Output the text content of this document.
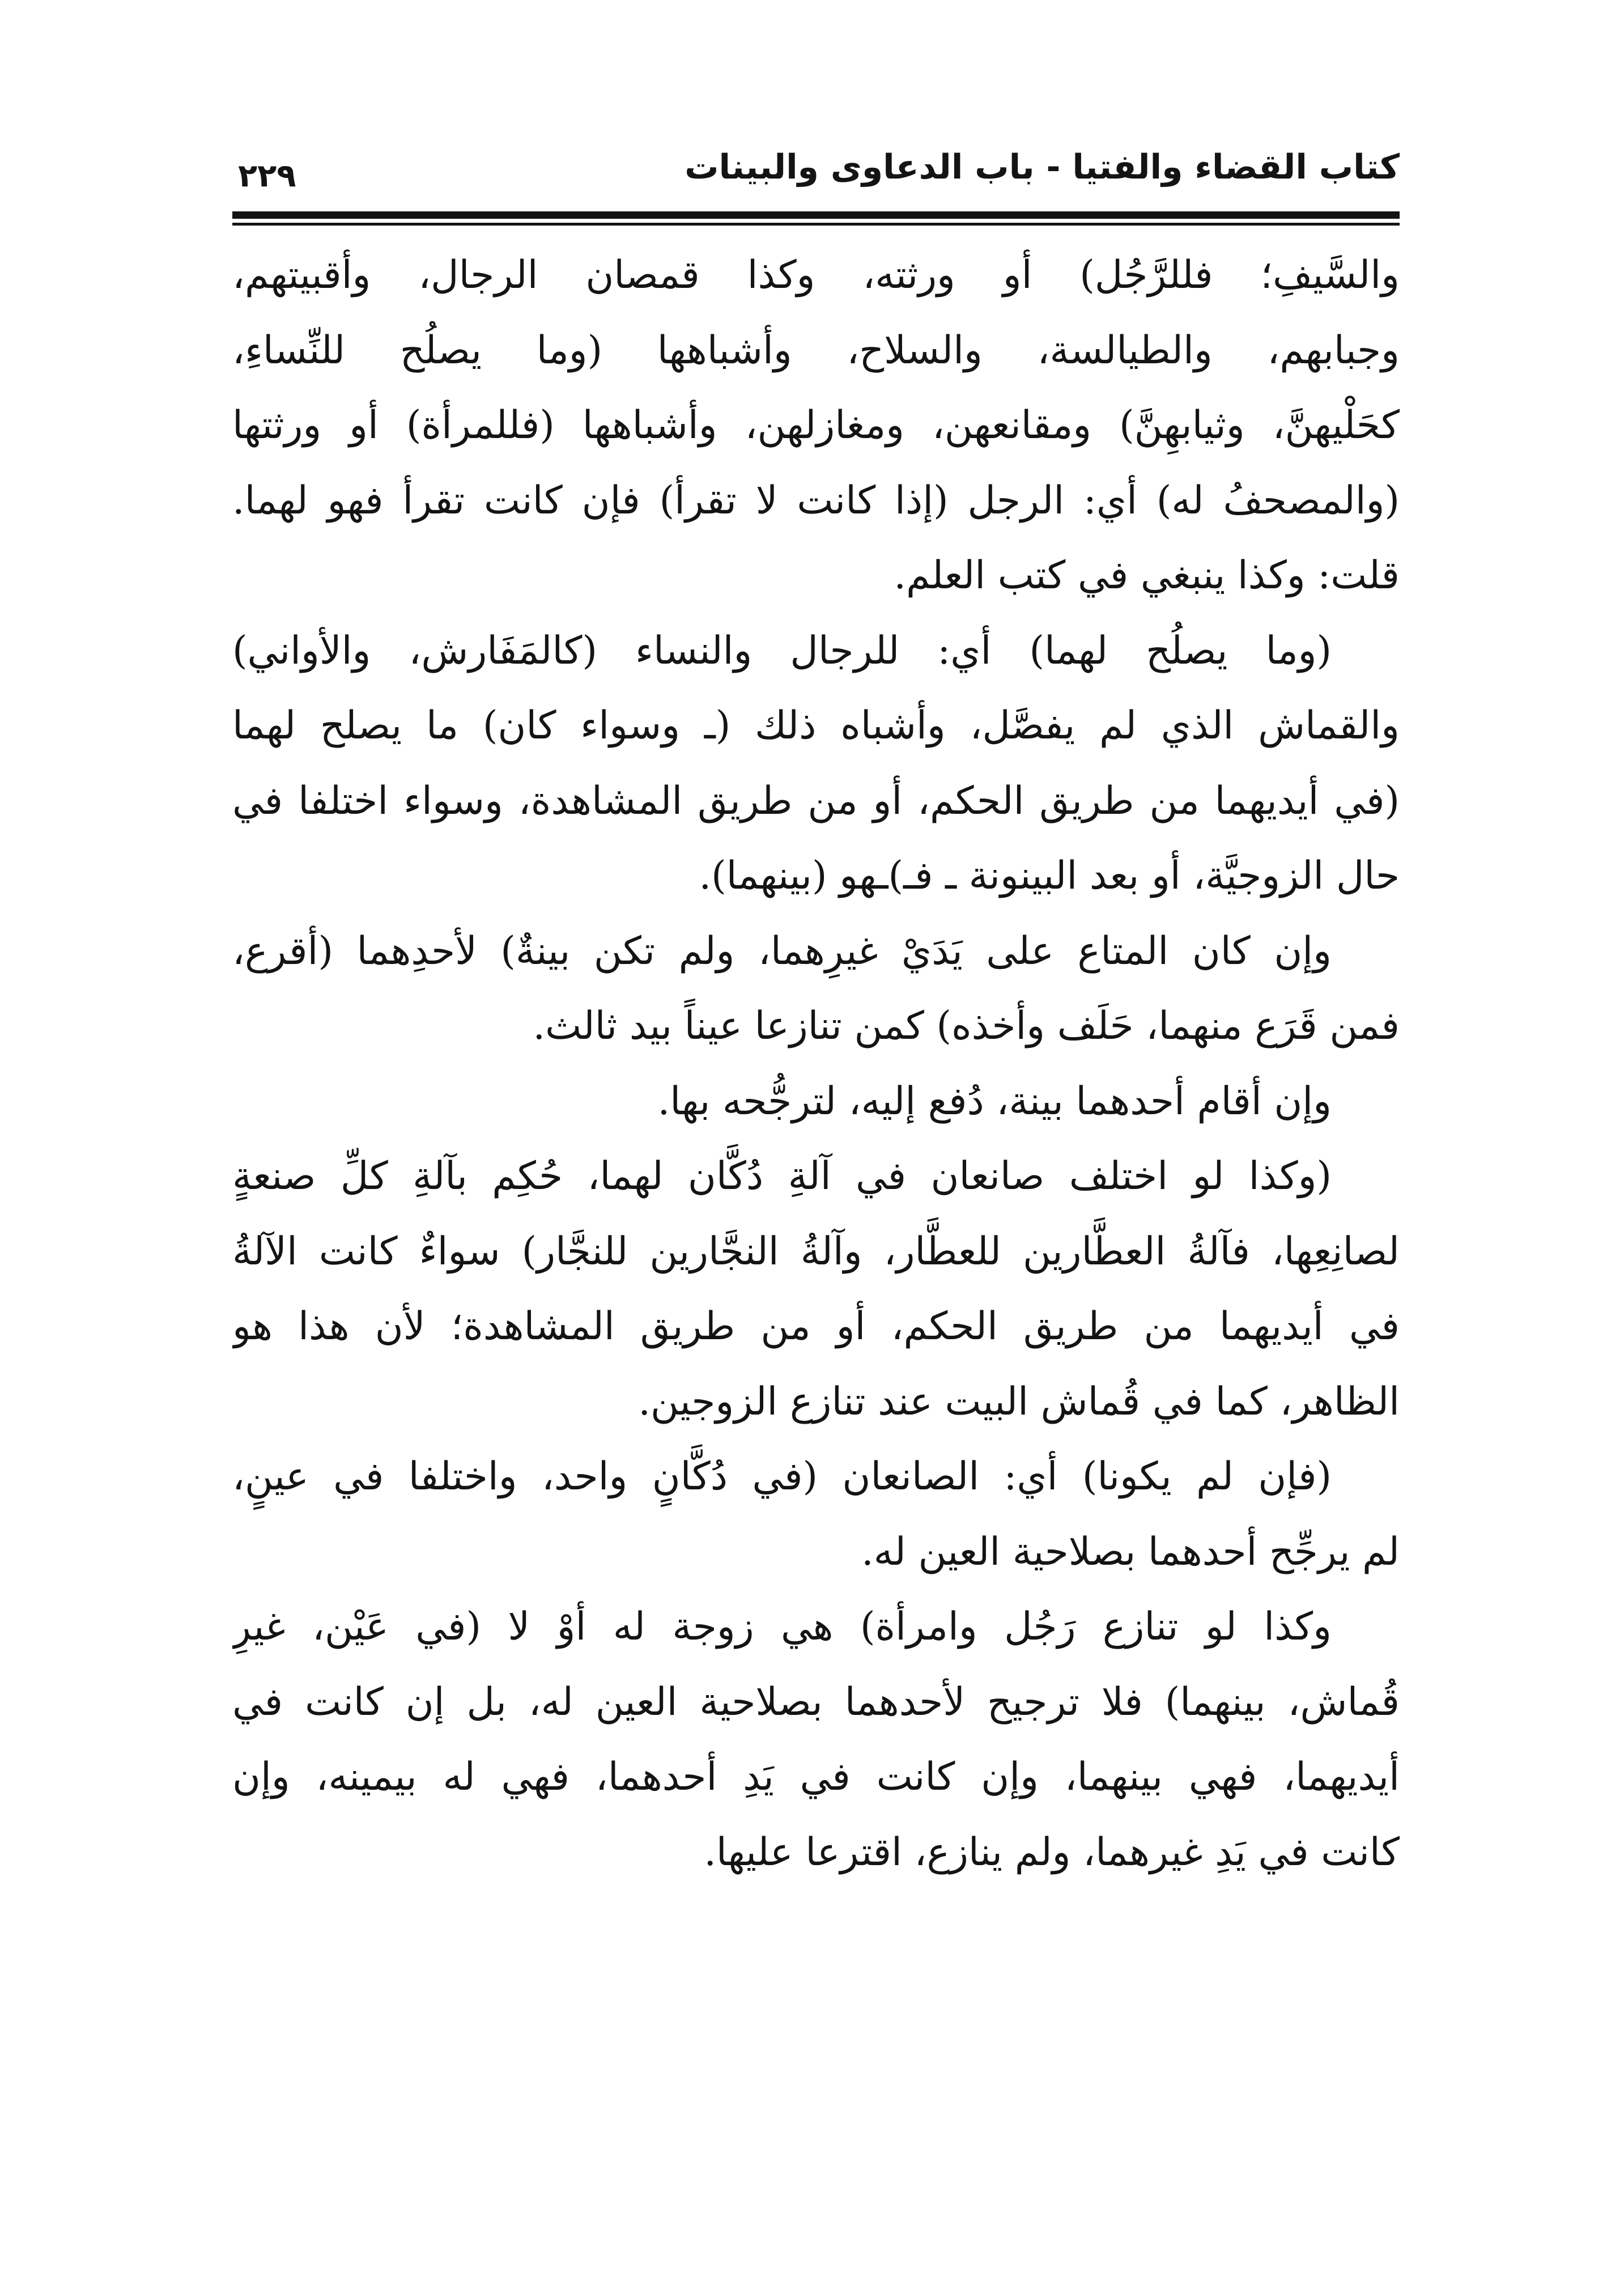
كتاب القضاء والفتيا - باب الدعاوى والبينات
٢٢٩
والسَّيفِ؛ فللرَّجُل) أو ورثته، وكذا قمصان الرجال، وأقبيتهم،
وجبابهم، والطيالسة، والسلاح، وأشباهها (وما يصلُح للنِّساءِ،
كحَلْيهنَّ، وثيابهِنَّ) ومقانعهن، ومغازلهن، وأشباهها (فللمرأة) أو ورثتها
(والمصحفُ له) أي: الرجل (إذا كانت لا تقرأ) فإن كانت تقرأ فهو لهما.
قلت: وكذا ينبغي في كتب العلم.
(وما يصلُح لهما) أي: للرجال والنساء (كالمَفَارش، والأواني)
والقماش الذي لم يفصَّل، وأشباه ذلك (ـ وسواء كان) ما يصلح لهما
(في أيديهما من طريق الحكم، أو من طريق المشاهدة، وسواء اختلفا في
حال الزوجيَّة، أو بعد البينونة ـ فـ)ـهو (بينهما).
وإن كان المتاع على يَدَيْ غيرِهما، ولم تكن بينةٌ) لأحدِهما (أقرع،
فمن قَرَع منهما، حَلَف وأخذه) كمن تنازعا عيناً بيد ثالث.
وإن أقام أحدهما بينة، دُفع إليه، لترجُّحه بها.
(وكذا لو اختلف صانعان في آلةِ دُكَّان لهما، حُكِم بآلةِ كلِّ صنعةٍ
لصانِعِها، فآلةُ العطَّارين للعطَّار، وآلةُ النجَّارين للنجَّار) سواءٌ كانت الآلةُ
في أيديهما من طريق الحكم، أو من طريق المشاهدة؛ لأن هذا هو
الظاهر، كما في قُماش البيت عند تنازع الزوجين.
(فإن لم يكونا) أي: الصانعان (في دُكَّانٍ واحد، واختلفا في عينٍ،
لم يرجِّح أحدهما بصلاحية العين له.
وكذا لو تنازع رَجُل وامرأة) هي زوجة له أوْ لا (في عَيْن، غيرِ
قُماش، بينهما) فلا ترجيح لأحدهما بصلاحية العين له، بل إن كانت في
أيديهما، فهي بينهما، وإن كانت في يَدِ أحدهما، فهي له بيمينه، وإن
كانت في يَدِ غيرهما، ولم ينازع، اقترعا عليها.
